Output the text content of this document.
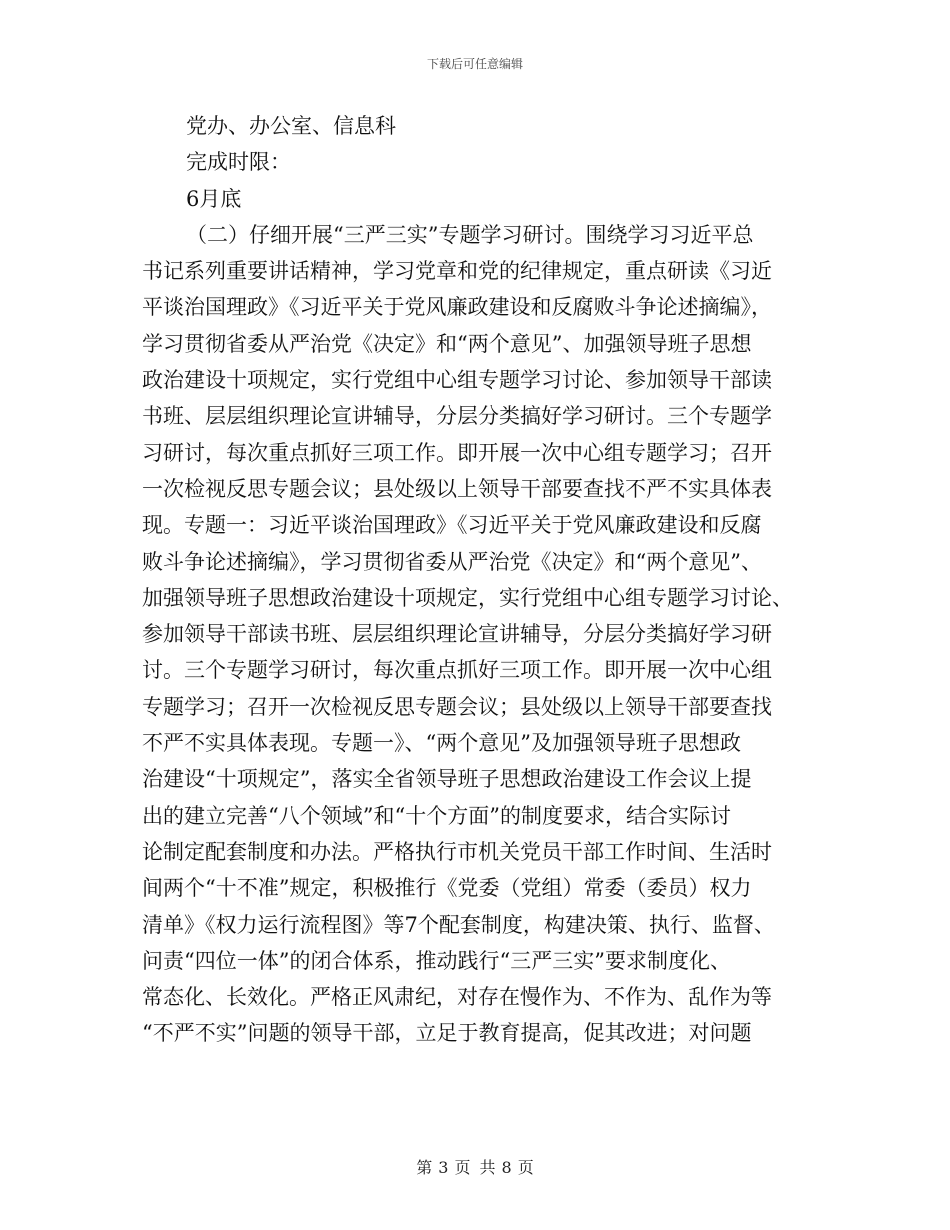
下载后可任意编辑
党办、办公室、信息科
完成时限：
6月底
（二）仔细开展“三严三实”专题学习研讨。围绕学习习近平总
书记系列重要讲话精神，学习党章和党的纪律规定，重点研读《习近
平谈治国理政》《习近平关于党风廉政建设和反腐败斗争论述摘编》，
学习贯彻省委从严治党《决定》和“两个意见”、加强领导班子思想
政治建设十项规定，实行党组中心组专题学习讨论、参加领导干部读
书班、层层组织理论宣讲辅导，分层分类搞好学习研讨。三个专题学
习研讨，每次重点抓好三项工作。即开展一次中心组专题学习；召开
一次检视反思专题会议；县处级以上领导干部要查找不严不实具体表
现。专题一：习近平谈治国理政》《习近平关于党风廉政建设和反腐
败斗争论述摘编》，学习贯彻省委从严治党《决定》和“两个意见”、
加强领导班子思想政治建设十项规定，实行党组中心组专题学习讨论、
参加领导干部读书班、层层组织理论宣讲辅导，分层分类搞好学习研
讨。三个专题学习研讨，每次重点抓好三项工作。即开展一次中心组
专题学习；召开一次检视反思专题会议；县处级以上领导干部要查找
不严不实具体表现。专题一》、“两个意见”及加强领导班子思想政
治建设“十项规定”，落实全省领导班子思想政治建设工作会议上提
出的建立完善“八个领域”和“十个方面”的制度要求，结合实际讨
论制定配套制度和办法。严格执行市机关党员干部工作时间、生活时
间两个“十不准”规定，积极推行《党委（党组）常委（委员）权力
清单》《权力运行流程图》等7个配套制度，构建决策、执行、监督、
问责“四位一体”的闭合体系，推动践行“三严三实”要求制度化、
常态化、长效化。严格正风肃纪，对存在慢作为、不作为、乱作为等
“不严不实”问题的领导干部，立足于教育提高，促其改进；对问题
第 3 页 共 8 页
